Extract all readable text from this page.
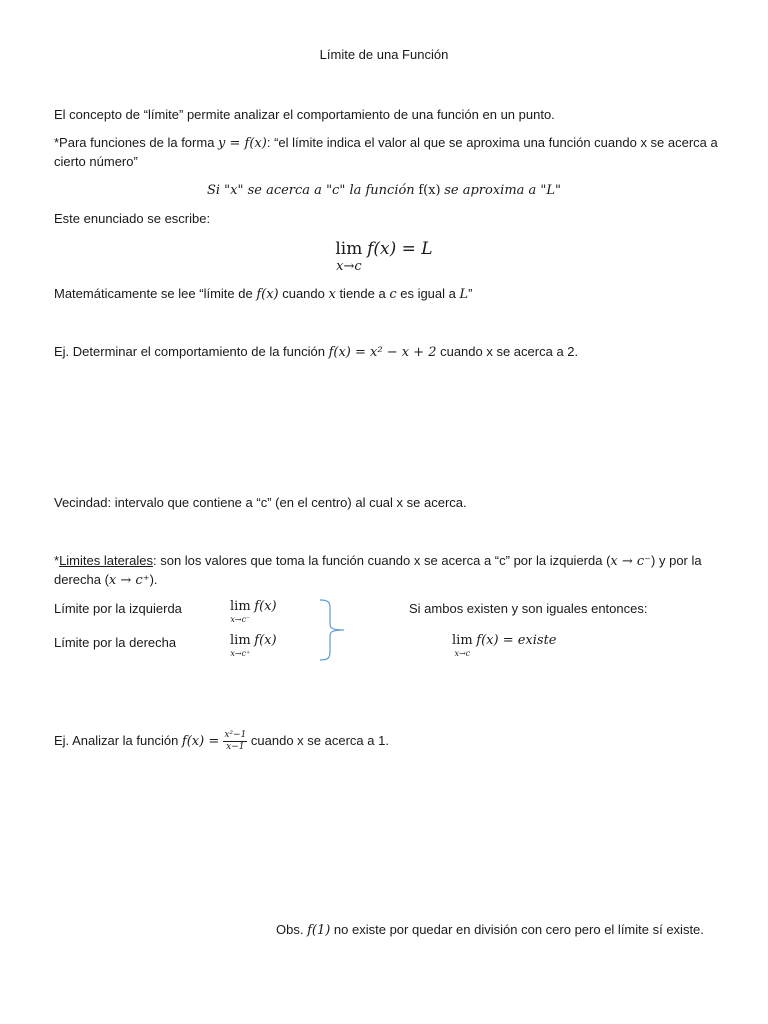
Límite de una Función
El concepto de “límite” permite analizar el comportamiento de una función en un punto.
*Para funciones de la forma y = f(x): “el límite indica el valor al que se aproxima una función cuando x se acerca a
cierto número”
Si "x" se acerca a "c" la función f(x) se aproxima a "L"
Este enunciado se escribe:
lim
x→c
f(x) = L
Matemáticamente se lee “límite de f(x) cuando x tiende a c es igual a L”
Ej. Determinar el comportamiento de la función f(x) = x² − x + 2 cuando x se acerca a 2.
Vecindad: intervalo que contiene a “c” (en el centro) al cual x se acerca.
*Limites laterales: son los valores que toma la función cuando x se acerca a “c” por la izquierda (x → c⁻) y por la
derecha (x → c⁺).
Límite por la izquierda	lim
x→c⁻
f(x)
Límite por la derecha	lim
x→c⁺
f(x)
Si ambos existen y son iguales entonces:
lim
x→c
f(x) = existe
Ej. Analizar la función $f(x) = \frac{\text{x²−1}}{x-1}$ cuando x se acerca a 1.
Obs. f(1) no existe por quedar en división con cero pero el límite sí existe.
